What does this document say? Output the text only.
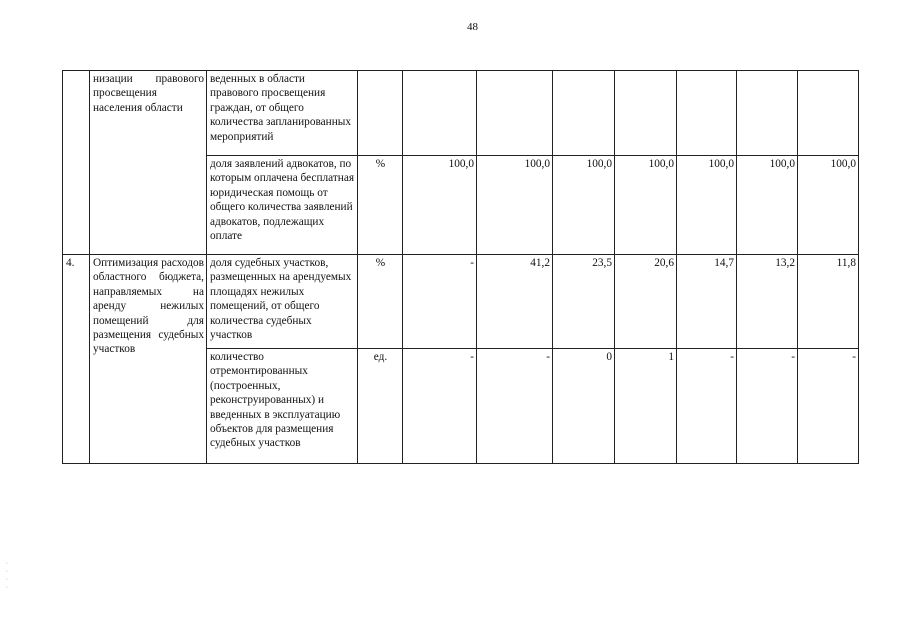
48
	низации правового просвещения населения области	веденных в области правового просвещения граждан, от общего количества запланированных мероприятий								
		доля заявлений адвокатов, по которым оплачена бесплатная юридическая помощь от общего количества заявлений адвокатов, подлежащих оплате	%	100,0	100,0	100,0	100,0	100,0	100,0	100,0
4.	Оптимизация расходов областного бюджета, направляемых на аренду нежилых помещений для размещения судебных участков	доля судебных участков, размещенных на арендуемых площадях нежилых помещений, от общего количества судебных участков	%	-	41,2	23,5	20,6	14,7	13,2	11,8
		количество отремонтированных (построенных, реконструированных) и введенных в эксплуатацию объектов для размещения судебных участков	ед.	-	-	0	1	-	-	-
·
·
·
·
